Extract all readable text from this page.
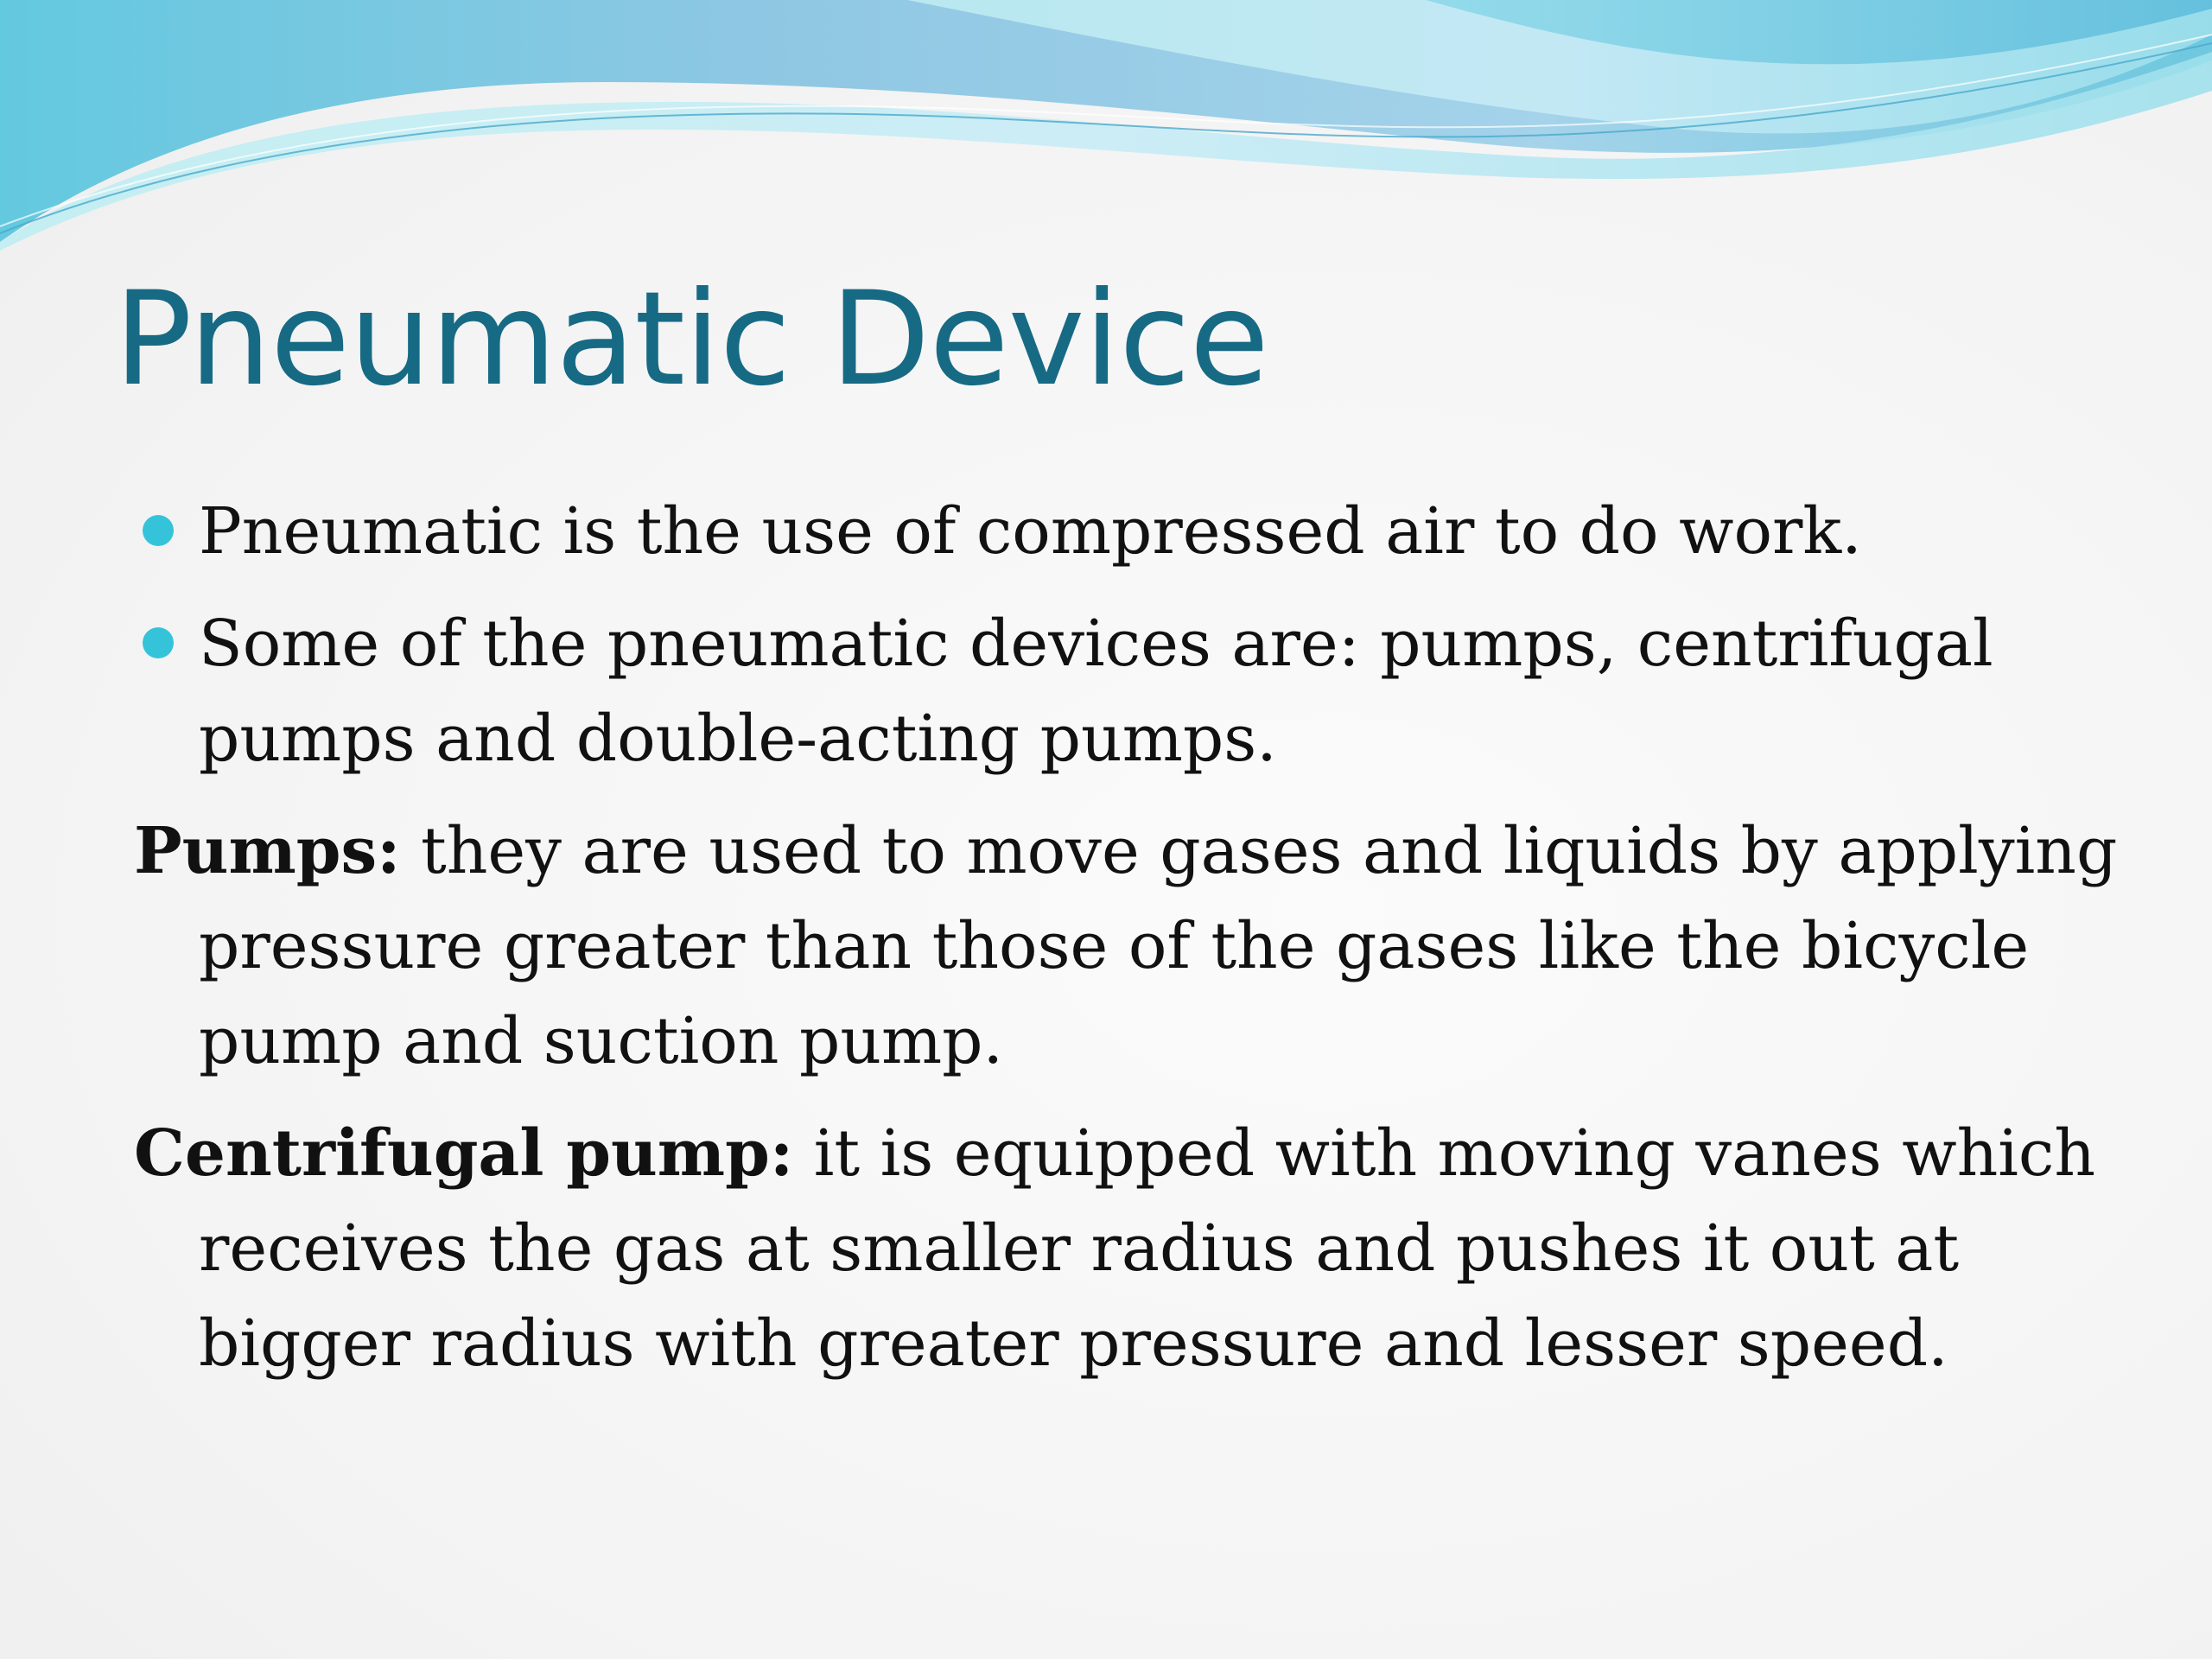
Pneumatic Device
Pneumatic is the use of compressed air to do work.
Some of the pneumatic devices are: pumps, centrifugal pumps and double-acting pumps.
Pumps: they are used to move gases and liquids by applying pressure greater than those of the gases like the bicycle pump and suction pump.
Centrifugal pump: it is equipped with moving vanes which receives the gas at smaller radius and pushes it out at bigger radius with greater pressure and lesser speed.
